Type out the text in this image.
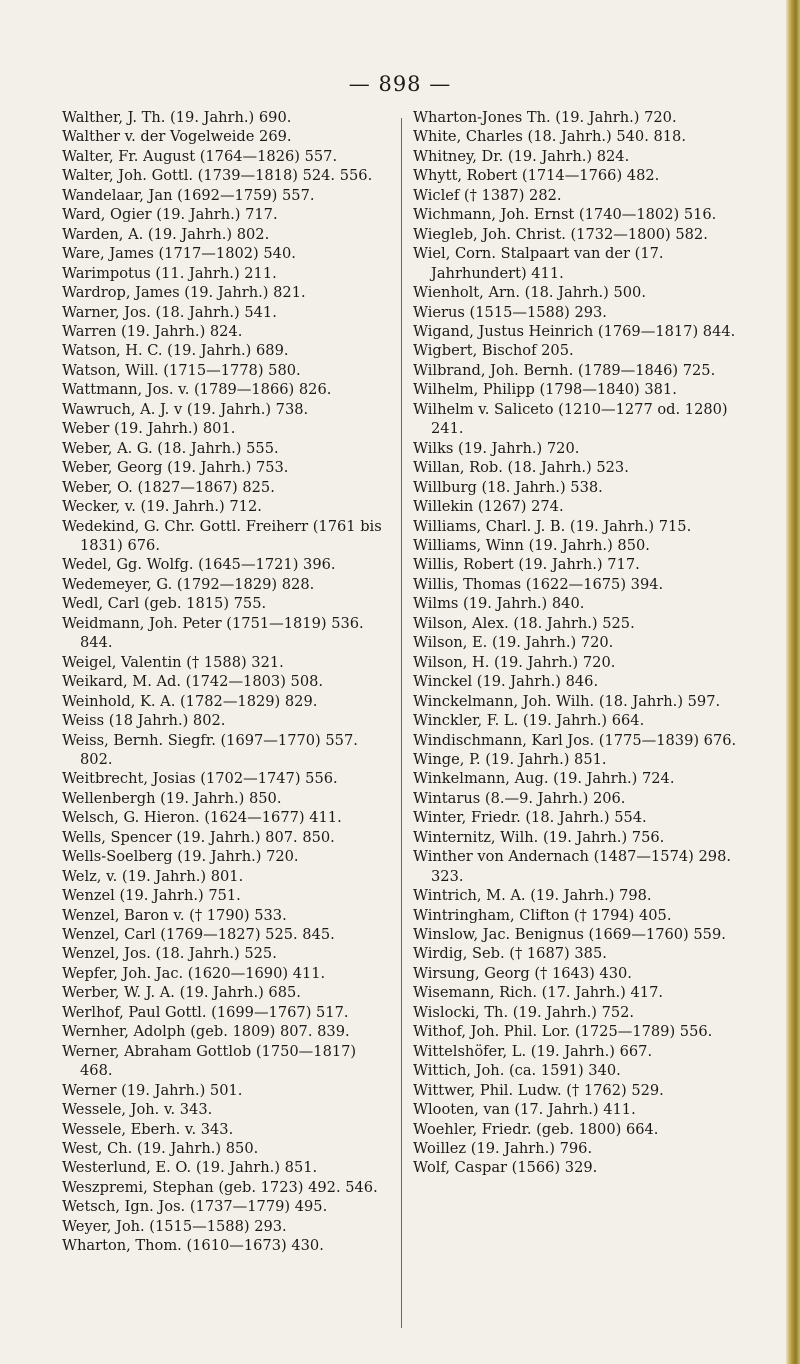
— 898 —
Walther, J. Th. (19. Jahrh.) 690.
Walther v. der Vogelweide 269.
Walter, Fr. August (1764—1826) 557.
Walter, Joh. Gottl. (1739—1818) 524. 556.
Wandelaar, Jan (1692—1759) 557.
Ward, Ogier (19. Jahrh.) 717.
Warden, A. (19. Jahrh.) 802.
Ware, James (1717—1802) 540.
Warimpotus (11. Jahrh.) 211.
Wardrop, James (19. Jahrh.) 821.
Warner, Jos. (18. Jahrh.) 541.
Warren (19. Jahrh.) 824.
Watson, H. C. (19. Jahrh.) 689.
Watson, Will. (1715—1778) 580.
Wattmann, Jos. v. (1789—1866) 826.
Wawruch, A. J. v (19. Jahrh.) 738.
Weber (19. Jahrh.) 801.
Weber, A. G. (18. Jahrh.) 555.
Weber, Georg (19. Jahrh.) 753.
Weber, O. (1827—1867) 825.
Wecker, v. (19. Jahrh.) 712.
Wedekind, G. Chr. Gottl. Freiherr (1761 bis 1831) 676.
Wedel, Gg. Wolfg. (1645—1721) 396.
Wedemeyer, G. (1792—1829) 828.
Wedl, Carl (geb. 1815) 755.
Weidmann, Joh. Peter (1751—1819) 536. 844.
Weigel, Valentin († 1588) 321.
Weikard, M. Ad. (1742—1803) 508.
Weinhold, K. A. (1782—1829) 829.
Weiss (18 Jahrh.) 802.
Weiss, Bernh. Siegfr. (1697—1770) 557. 802.
Weitbrecht, Josias (1702—1747) 556.
Wellenbergh (19. Jahrh.) 850.
Welsch, G. Hieron. (1624—1677) 411.
Wells, Spencer (19. Jahrh.) 807. 850.
Wells-Soelberg (19. Jahrh.) 720.
Welz, v. (19. Jahrh.) 801.
Wenzel (19. Jahrh.) 751.
Wenzel, Baron v. († 1790) 533.
Wenzel, Carl (1769—1827) 525. 845.
Wenzel, Jos. (18. Jahrh.) 525.
Wepfer, Joh. Jac. (1620—1690) 411.
Werber, W. J. A. (19. Jahrh.) 685.
Werlhof, Paul Gottl. (1699—1767) 517.
Wernher, Adolph (geb. 1809) 807. 839.
Werner, Abraham Gottlob (1750—1817) 468.
Werner (19. Jahrh.) 501.
Wessele, Joh. v. 343.
Wessele, Eberh. v. 343.
West, Ch. (19. Jahrh.) 850.
Westerlund, E. O. (19. Jahrh.) 851.
Weszpremi, Stephan (geb. 1723) 492. 546.
Wetsch, Ign. Jos. (1737—1779) 495.
Weyer, Joh. (1515—1588) 293.
Wharton, Thom. (1610—1673) 430.
Wharton-Jones Th. (19. Jahrh.) 720.
White, Charles (18. Jahrh.) 540. 818.
Whitney, Dr. (19. Jahrh.) 824.
Whytt, Robert (1714—1766) 482.
Wiclef († 1387) 282.
Wichmann, Joh. Ernst (1740—1802) 516.
Wiegleb, Joh. Christ. (1732—1800) 582.
Wiel, Corn. Stalpaart van der (17. Jahrhundert) 411.
Wienholt, Arn. (18. Jahrh.) 500.
Wierus (1515—1588) 293.
Wigand, Justus Heinrich (1769—1817) 844.
Wigbert, Bischof 205.
Wilbrand, Joh. Bernh. (1789—1846) 725.
Wilhelm, Philipp (1798—1840) 381.
Wilhelm v. Saliceto (1210—1277 od. 1280) 241.
Wilks (19. Jahrh.) 720.
Willan, Rob. (18. Jahrh.) 523.
Willburg (18. Jahrh.) 538.
Willekin (1267) 274.
Williams, Charl. J. B. (19. Jahrh.) 715.
Williams, Winn (19. Jahrh.) 850.
Willis, Robert (19. Jahrh.) 717.
Willis, Thomas (1622—1675) 394.
Wilms (19. Jahrh.) 840.
Wilson, Alex. (18. Jahrh.) 525.
Wilson, E. (19. Jahrh.) 720.
Wilson, H. (19. Jahrh.) 720.
Winckel (19. Jahrh.) 846.
Winckelmann, Joh. Wilh. (18. Jahrh.) 597.
Winckler, F. L. (19. Jahrh.) 664.
Windischmann, Karl Jos. (1775—1839) 676.
Winge, P. (19. Jahrh.) 851.
Winkelmann, Aug. (19. Jahrh.) 724.
Wintarus (8.—9. Jahrh.) 206.
Winter, Friedr. (18. Jahrh.) 554.
Winternitz, Wilh. (19. Jahrh.) 756.
Winther von Andernach (1487—1574) 298. 323.
Wintrich, M. A. (19. Jahrh.) 798.
Wintringham, Clifton († 1794) 405.
Winslow, Jac. Benignus (1669—1760) 559.
Wirdig, Seb. († 1687) 385.
Wirsung, Georg († 1643) 430.
Wisemann, Rich. (17. Jahrh.) 417.
Wislocki, Th. (19. Jahrh.) 752.
Withof, Joh. Phil. Lor. (1725—1789) 556.
Wittelshöfer, L. (19. Jahrh.) 667.
Wittich, Joh. (ca. 1591) 340.
Wittwer, Phil. Ludw. († 1762) 529.
Wlooten, van (17. Jahrh.) 411.
Woehler, Friedr. (geb. 1800) 664.
Woillez (19. Jahrh.) 796.
Wolf, Caspar (1566) 329.
